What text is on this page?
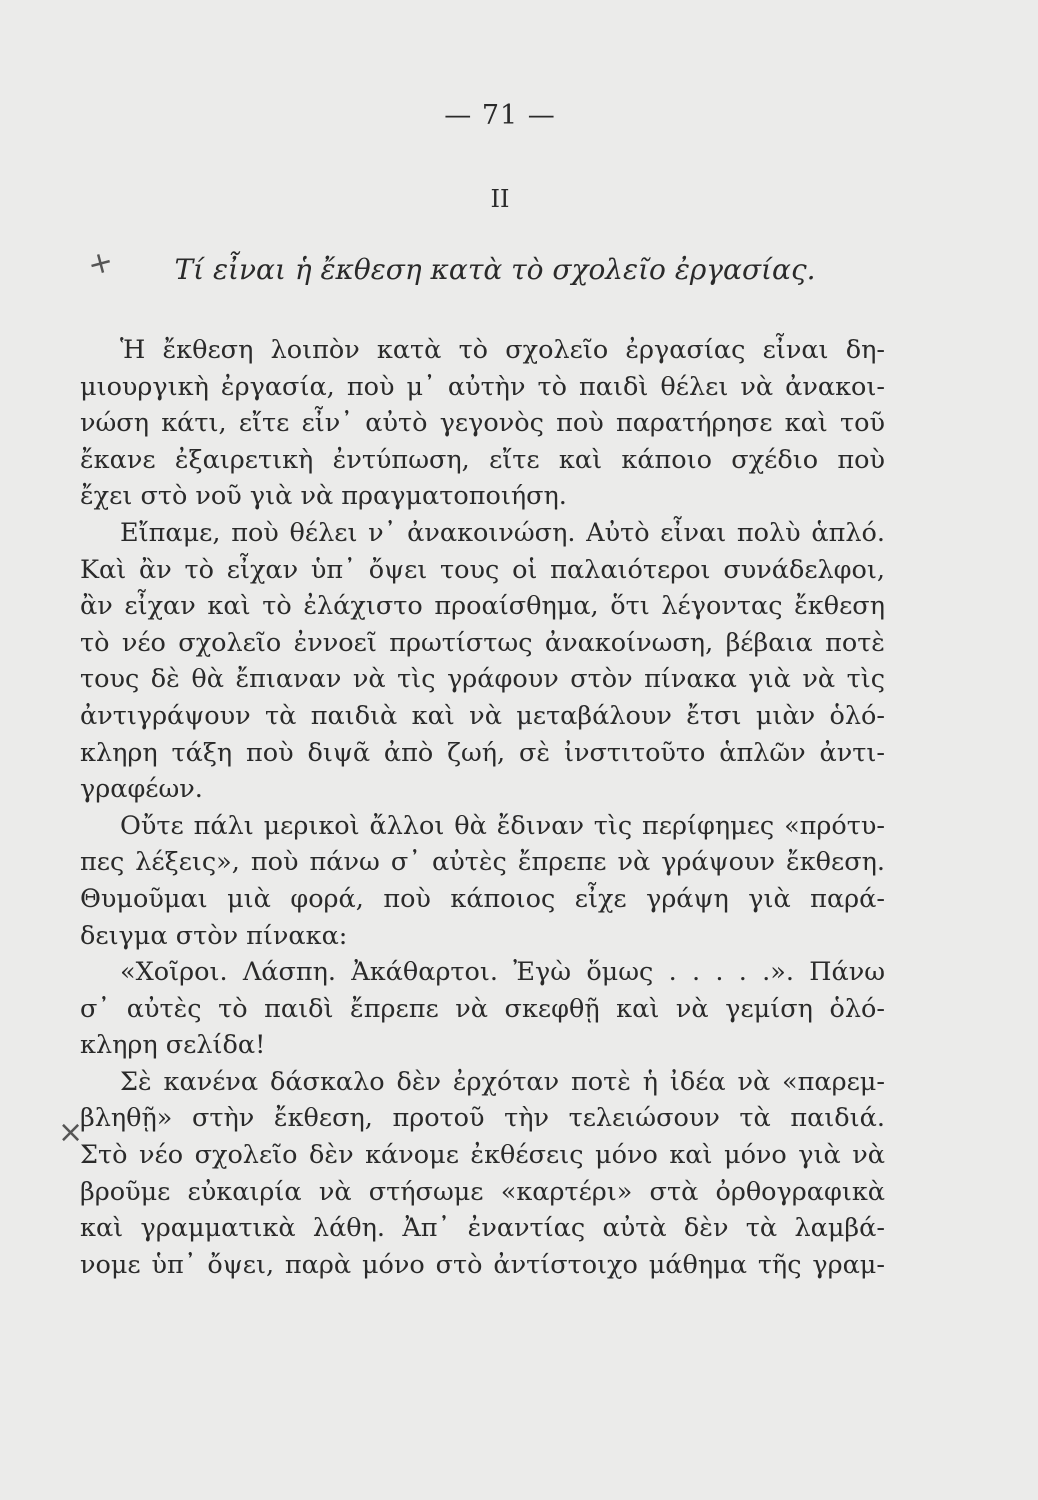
— 71 —
II
+	Τί εἶναι ἡ ἔκθεση κατὰ τὸ σχολεῖο ἐργασίας.
×
Ἡ ἔκθεση λοιπὸν κατὰ τὸ σχολεῖο ἐργασίας εἶναι δη-
μιουργικὴ ἐργασία, ποὺ μ᾿ αὐτὴν τὸ παιδὶ θέλει νὰ ἀνακοι-
νώση κάτι, εἴτε εἶν᾿ αὐτὸ γεγονὸς ποὺ παρατήρησε καὶ τοῦ
ἔκανε ἐξαιρετικὴ ἐντύπωση, εἴτε καὶ κάποιο σχέδιο ποὺ
ἔχει στὸ νοῦ γιὰ νὰ πραγματοποιήση.
Εἴπαμε, ποὺ θέλει ν᾿ ἀνακοινώση. Αὐτὸ εἶναι πολὺ ἁπλό.
Καὶ ἂν τὸ εἶχαν ὑπ᾿ ὄψει τους οἱ παλαιότεροι συνάδελφοι,
ἂν εἶχαν καὶ τὸ ἐλάχιστο προαίσθημα, ὅτι λέγοντας ἔκθεση
τὸ νέο σχολεῖο ἐννοεῖ πρωτίστως ἀνακοίνωση, βέβαια ποτὲ
τους δὲ θὰ ἔπιαναν νὰ τὶς γράφουν στὸν πίνακα γιὰ νὰ τὶς
ἀντιγράψουν τὰ παιδιὰ καὶ νὰ μεταβάλουν ἔτσι μιὰν ὁλό-
κληρη τάξη ποὺ διψᾶ ἀπὸ ζωή, σὲ ἰνστιτοῦτο ἁπλῶν ἀντι-
γραφέων.
Οὔτε πάλι μερικοὶ ἄλλοι θὰ ἔδιναν τὶς περίφημες «πρότυ-
πες λέξεις», ποὺ πάνω σ᾿ αὐτὲς ἔπρεπε νὰ γράψουν ἔκθεση.
Θυμοῦμαι μιὰ φορά, ποὺ κάποιος εἶχε γράψη γιὰ παρά-
δειγμα στὸν πίνακα:
«Χοῖροι. Λάσπη. Ἀκάθαρτοι. Ἐγὼ ὅμως . . . . .». Πάνω
σ᾿ αὐτὲς τὸ παιδὶ ἔπρεπε νὰ σκεφθῇ καὶ νὰ γεμίση ὁλό-
κληρη σελίδα!
Σὲ κανένα δάσκαλο δὲν ἐρχόταν ποτὲ ἡ ἰδέα νὰ «παρεμ-
βληθῇ» στὴν ἔκθεση, προτοῦ τὴν τελειώσουν τὰ παιδιά.
Στὸ νέο σχολεῖο δὲν κάνομε ἐκθέσεις μόνο καὶ μόνο γιὰ νὰ
βροῦμε εὐκαιρία νὰ στήσωμε «καρτέρι» στὰ ὀρθογραφικὰ
καὶ γραμματικὰ λάθη. Ἀπ᾿ ἐναντίας αὐτὰ δὲν τὰ λαμβά-
νομε ὑπ᾿ ὄψει, παρὰ μόνο στὸ ἀντίστοιχο μάθημα τῆς γραμ-
